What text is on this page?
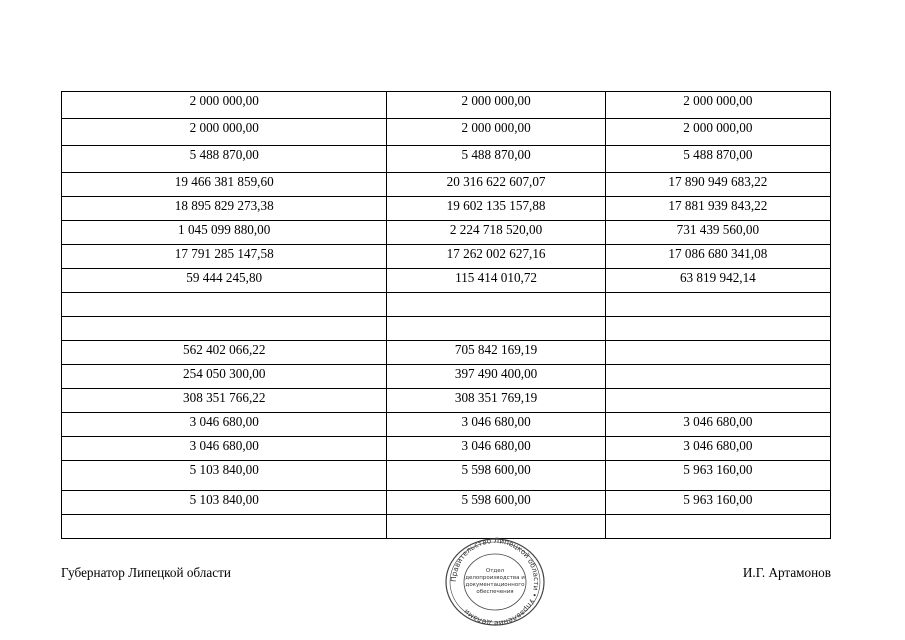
2 000 000,00	2 000 000,00	2 000 000,00
2 000 000,00	2 000 000,00	2 000 000,00
5 488 870,00	5 488 870,00	5 488 870,00
19 466 381 859,60	20 316 622 607,07	17 890 949 683,22
18 895 829 273,38	19 602 135 157,88	17 881 939 843,22
1 045 099 880,00	2 224 718 520,00	731 439 560,00
17 791 285 147,58	17 262 002 627,16	17 086 680 341,08
59 444 245,80	115 414 010,72	63 819 942,14

562 402 066,22	705 842 169,19	
254 050 300,00	397 490 400,00	
308 351 766,22	308 351 769,19	
3 046 680,00	3 046 680,00	3 046 680,00
3 046 680,00	3 046 680,00	3 046 680,00
5 103 840,00	5 598 600,00	5 963 160,00
5 103 840,00	5 598 600,00	5 963 160,00

Губернатор Липецкой области	И.Г. Артамонов
Правительство Липецкой области • Управление делами
Отдел
делопроизводства и
документационного
обеспечения
